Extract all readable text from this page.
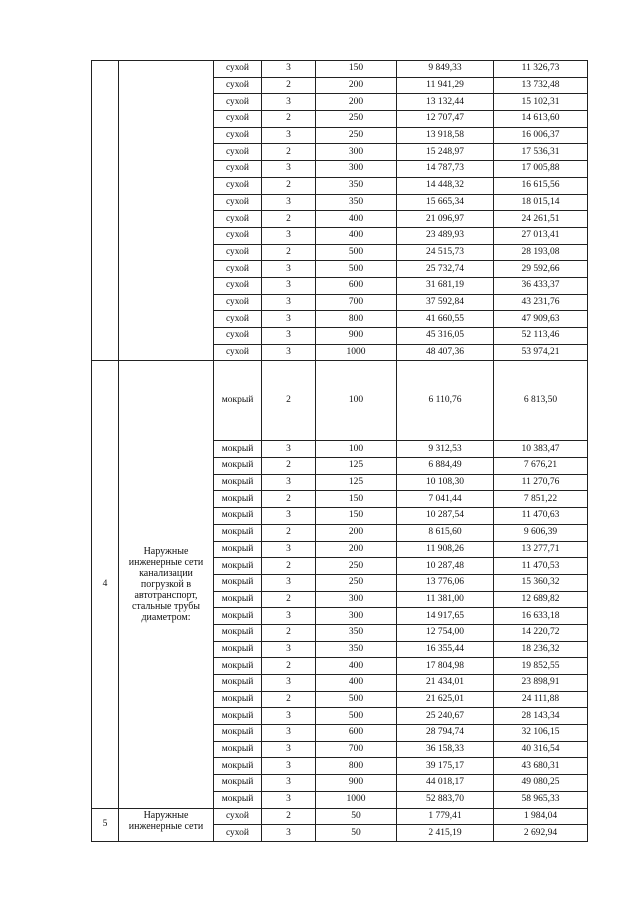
		сухой	3	150	9 849,33	11 326,73
		сухой	2	200	11 941,29	13 732,48
		сухой	3	200	13 132,44	15 102,31
		сухой	2	250	12 707,47	14 613,60
		сухой	3	250	13 918,58	16 006,37
		сухой	2	300	15 248,97	17 536,31
		сухой	3	300	14 787,73	17 005,88
		сухой	2	350	14 448,32	16 615,56
		сухой	3	350	15 665,34	18 015,14
		сухой	2	400	21 096,97	24 261,51
		сухой	3	400	23 489,93	27 013,41
		сухой	2	500	24 515,73	28 193,08
		сухой	3	500	25 732,74	29 592,66
		сухой	3	600	31 681,19	36 433,37
		сухой	3	700	37 592,84	43 231,76
		сухой	3	800	41 660,55	47 909,63
		сухой	3	900	45 316,05	52 113,46
		сухой	3	1000	48 407,36	53 974,21
4	Наружные инженерные сети канализации погрузкой в автотранспорт, стальные трубы диаметром:	мокрый	2	100	6 110,76	6 813,50
		мокрый	3	100	9 312,53	10 383,47
		мокрый	2	125	6 884,49	7 676,21
		мокрый	3	125	10 108,30	11 270,76
		мокрый	2	150	7 041,44	7 851,22
		мокрый	3	150	10 287,54	11 470,63
		мокрый	2	200	8 615,60	9 606,39
		мокрый	3	200	11 908,26	13 277,71
		мокрый	2	250	10 287,48	11 470,53
		мокрый	3	250	13 776,06	15 360,32
		мокрый	2	300	11 381,00	12 689,82
		мокрый	3	300	14 917,65	16 633,18
		мокрый	2	350	12 754,00	14 220,72
		мокрый	3	350	16 355,44	18 236,32
		мокрый	2	400	17 804,98	19 852,55
		мокрый	3	400	21 434,01	23 898,91
		мокрый	2	500	21 625,01	24 111,88
		мокрый	3	500	25 240,67	28 143,34
		мокрый	3	600	28 794,74	32 106,15
		мокрый	3	700	36 158,33	40 316,54
		мокрый	3	800	39 175,17	43 680,31
		мокрый	3	900	44 018,17	49 080,25
		мокрый	3	1000	52 883,70	58 965,33
5	Наружные инженерные сети	сухой	2	50	1 779,41	1 984,04
		сухой	3	50	2 415,19	2 692,94
